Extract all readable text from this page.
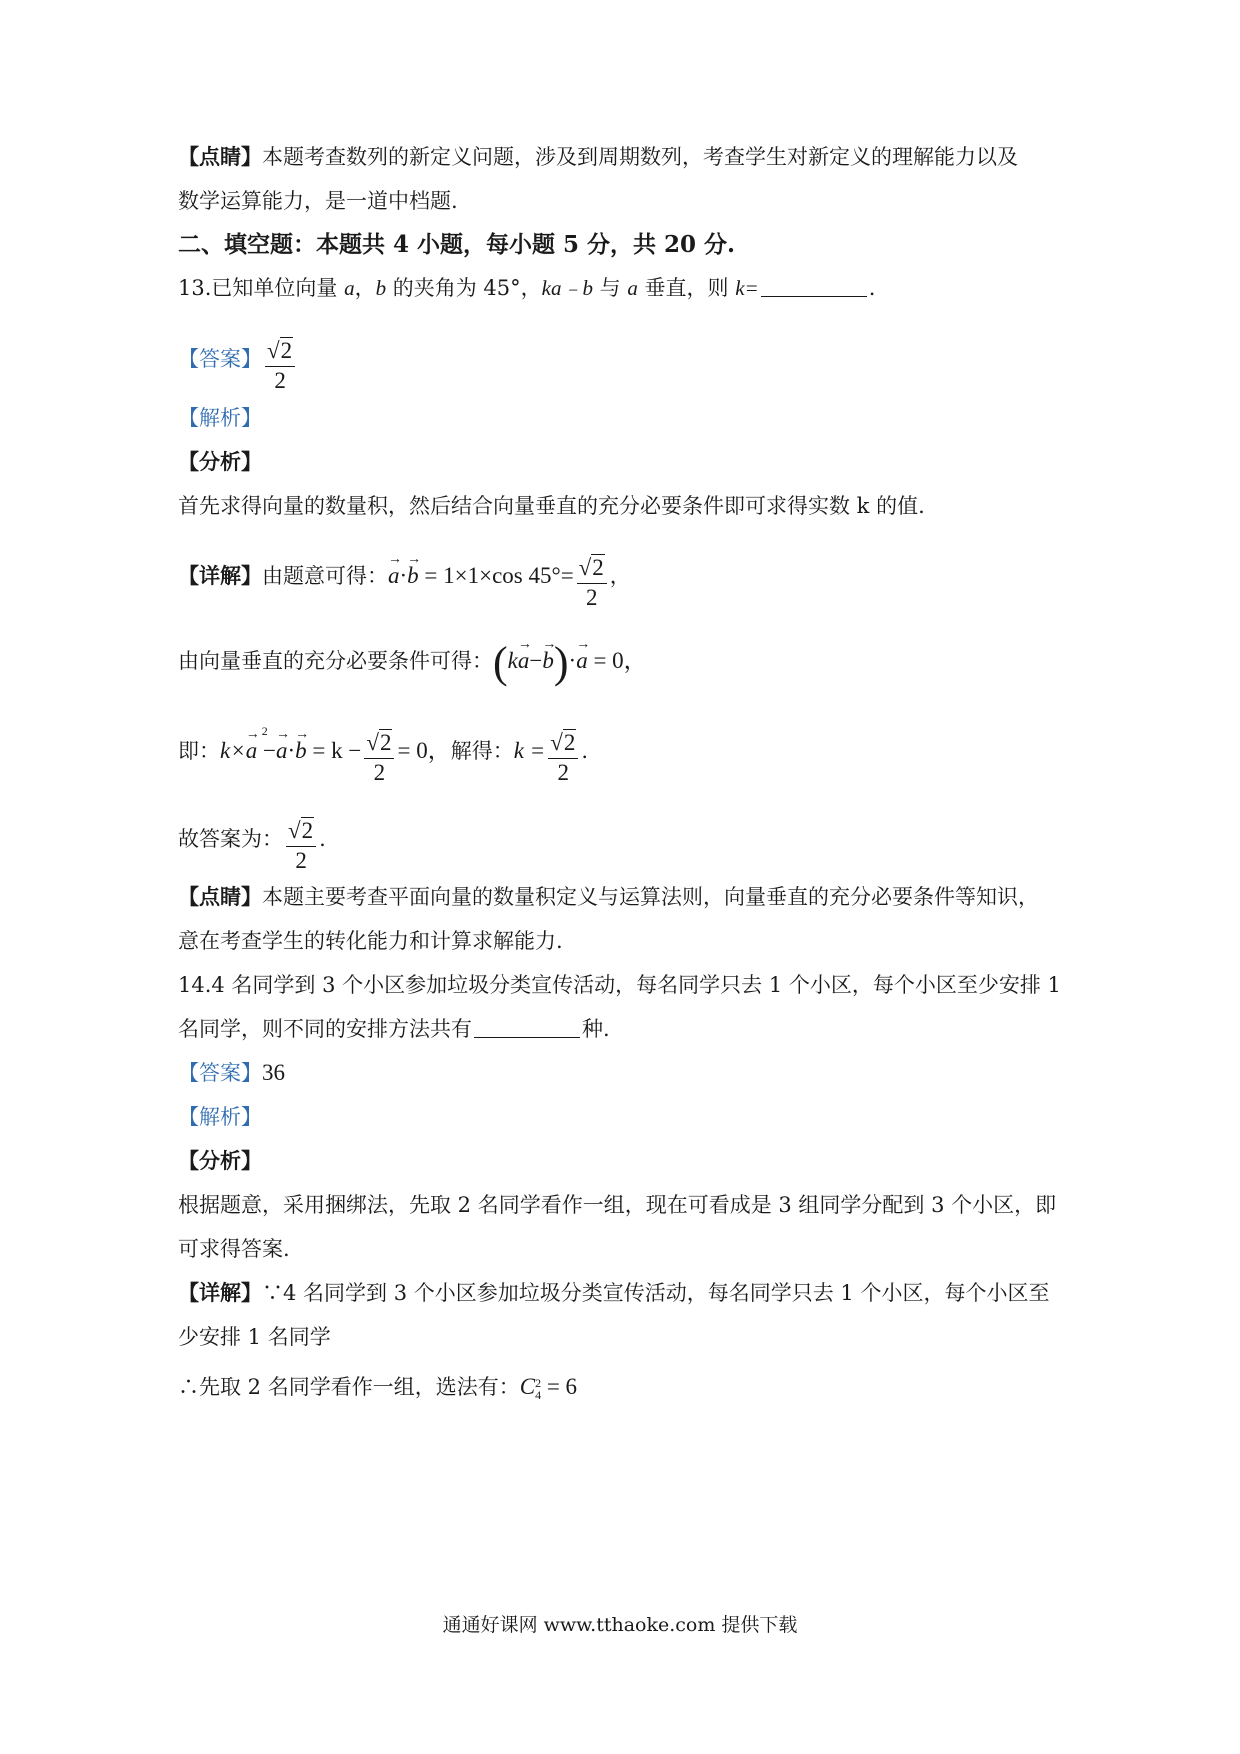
【点睛】本题考查数列的新定义问题，涉及到周期数列，考查学生对新定义的理解能力以及
数学运算能力，是一道中档题.
二、填空题：本题共 4 小题，每小题 5 分，共 20 分.
13.已知单位向量 a，b 的夹角为 45°，ka﹣b 与 a 垂直，则 k=	.
【答案】 $\frac{√2}{2}$
【解析】
【分析】
首先求得向量的数量积，然后结合向量垂直的充分必要条件即可求得实数 k 的值.
【详解】由题意可得：→ a·→ b = 1×1×cos $45^\circ= \frac{√2}{2}$ ，
由向量垂直的充分必要条件可得：(k→ a−→ b)·→ a = 0，
即：k×→ a $2 -\to a\cdot\to b = k - \frac{√2}{2} = 0$，解得：$k = \frac{√2}{2}$ .
故答案为： $\frac{√2}{2}$ .
【点睛】本题主要考查平面向量的数量积定义与运算法则，向量垂直的充分必要条件等知识，
意在考查学生的转化能力和计算求解能力.
14.4 名同学到 3 个小区参加垃圾分类宣传活动，每名同学只去 1 个小区，每个小区至少安排 1
名同学，则不同的安排方法共有	种.
【答案】36
【解析】
【分析】
根据题意，采用捆绑法，先取 2 名同学看作一组，现在可看成是 3 组同学分配到 3 个小区，即
可求得答案.
【详解】∵4 名同学到 3 个小区参加垃圾分类宣传活动，每名同学只去 1 个小区，每个小区至
少安排 1 名同学
∴先取 2 名同学看作一组，选法有：C 2
4 = 6
通通好课网 www.tthaoke.com 提供下载
